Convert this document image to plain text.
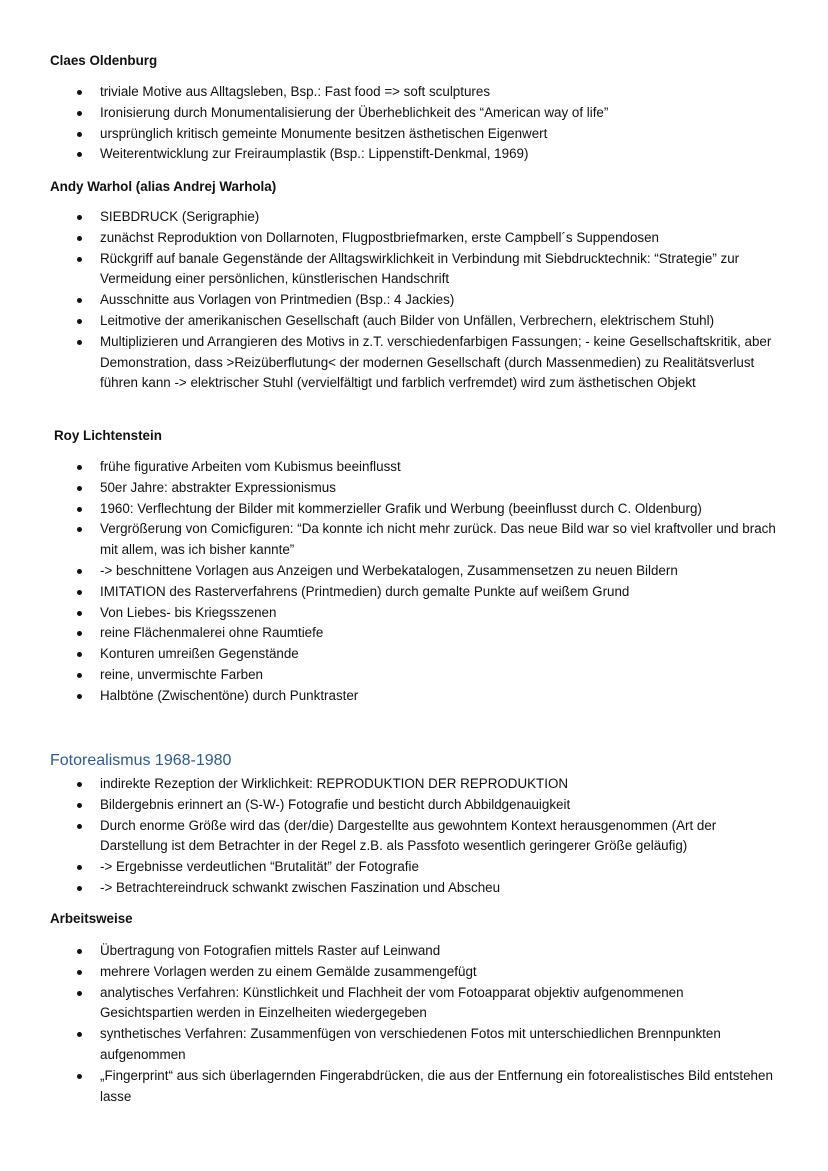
Claes Oldenburg
triviale Motive aus Alltagsleben, Bsp.: Fast food => soft sculptures
Ironisierung durch Monumentalisierung der Überheblichkeit des “American way of life”
ursprünglich kritisch gemeinte Monumente besitzen ästhetischen Eigenwert
Weiterentwicklung zur Freiraumplastik (Bsp.: Lippenstift-Denkmal, 1969)
Andy Warhol (alias Andrej Warhola)
SIEBDRUCK (Serigraphie)
zunächst Reproduktion von Dollarnoten, Flugpostbriefmarken, erste Campbell´s Suppendosen
Rückgriff auf banale Gegenstände der Alltagswirklichkeit in Verbindung mit Siebdrucktechnik: “Strategie” zur Vermeidung einer persönlichen, künstlerischen Handschrift
Ausschnitte aus Vorlagen von Printmedien (Bsp.: 4 Jackies)
Leitmotive der amerikanischen Gesellschaft (auch Bilder von Unfällen, Verbrechern, elektrischem Stuhl)
Multiplizieren und Arrangieren des Motivs in z.T. verschiedenfarbigen Fassungen; - keine Gesellschaftskritik, aber Demonstration, dass >Reizüberflutung< der modernen Gesellschaft (durch Massenmedien) zu Realitätsverlust führen kann -> elektrischer Stuhl (vervielfältigt und farblich verfremdet) wird zum ästhetischen Objekt
Roy Lichtenstein
frühe figurative Arbeiten vom Kubismus beeinflusst
50er Jahre: abstrakter Expressionismus
1960: Verflechtung der Bilder mit kommerzieller Grafik und Werbung (beeinflusst durch C. Oldenburg)
Vergrößerung von Comicfiguren: “Da konnte ich nicht mehr zurück. Das neue Bild war so viel kraftvoller und brach mit allem, was ich bisher kannte”
-> beschnittene Vorlagen aus Anzeigen und Werbekatalogen, Zusammensetzen zu neuen Bildern
IMITATION des Rasterverfahrens (Printmedien) durch gemalte Punkte auf weißem Grund
Von Liebes- bis Kriegsszenen
reine Flächenmalerei ohne Raumtiefe
Konturen umreißen Gegenstände
reine, unvermischte Farben
Halbtöne (Zwischentöne) durch Punktraster
Fotorealismus 1968-1980
indirekte Rezeption der Wirklichkeit: REPRODUKTION DER REPRODUKTION
Bildergebnis erinnert an (S-W-) Fotografie und besticht durch Abbildgenauigkeit
Durch enorme Größe wird das (der/die) Dargestellte aus gewohntem Kontext herausgenommen (Art der Darstellung ist dem Betrachter in der Regel z.B. als Passfoto wesentlich geringerer Größe geläufig)
-> Ergebnisse verdeutlichen “Brutalität” der Fotografie
-> Betrachtereindruck schwankt zwischen Faszination und Abscheu
Arbeitsweise
Übertragung von Fotografien mittels Raster auf Leinwand
mehrere Vorlagen werden zu einem Gemälde zusammengefügt
analytisches Verfahren: Künstlichkeit und Flachheit der vom Fotoapparat objektiv aufgenommenen Gesichtspartien werden in Einzelheiten wiedergegeben
synthetisches Verfahren: Zusammenfügen von verschiedenen Fotos mit unterschiedlichen Brennpunkten aufgenommen
„Fingerprint“ aus sich überlagernden Fingerabdrücken, die aus der Entfernung ein fotorealistisches Bild entstehen lasse
